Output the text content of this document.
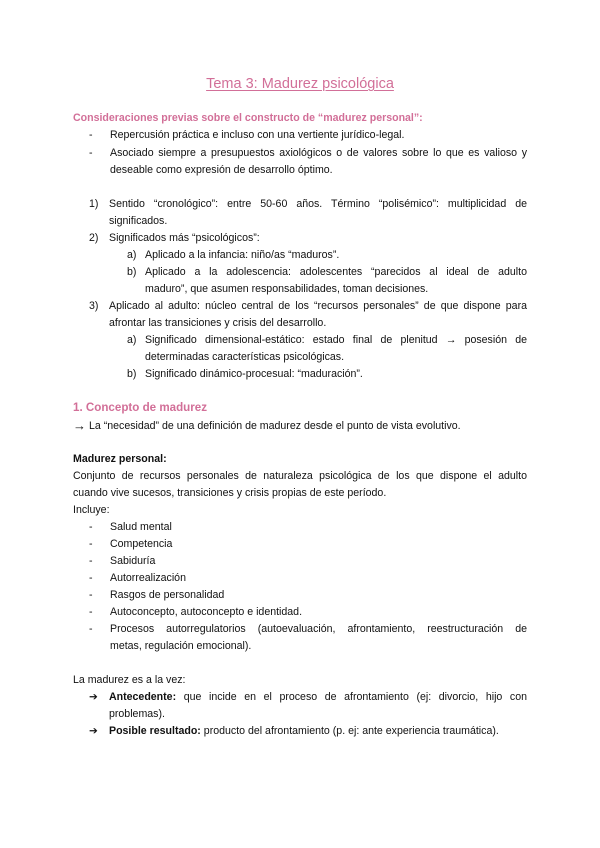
Tema 3: Madurez psicológica
Consideraciones previas sobre el constructo de “madurez personal”:
- Repercusión práctica e incluso con una vertiente jurídico-legal.
- Asociado siempre a presupuestos axiológicos o de valores sobre lo que es valioso y
deseable como expresión de desarrollo óptimo.
1) Sentido “cronológico”: entre 50-60 años. Término “polisémico”: multiplicidad de
significados.
2) Significados más “psicológicos”:
a) Aplicado a la infancia: niño/as “maduros”.
b) Aplicado a la adolescencia: adolescentes “parecidos al ideal de adulto
maduro”, que asumen responsabilidades, toman decisiones.
3) Aplicado al adulto: núcleo central de los “recursos personales” de que dispone para
afrontar las transiciones y crisis del desarrollo.
a) Significado dimensional-estático: estado final de plenitud → posesión de
determinadas características psicológicas.
b) Significado dinámico-procesual: “maduración”.
1. Concepto de madurez
→ La “necesidad” de una definición de madurez desde el punto de vista evolutivo.
Madurez personal:
Conjunto de recursos personales de naturaleza psicológica de los que dispone el adulto
cuando vive sucesos, transiciones y crisis propias de este período.
Incluye:
- Salud mental
- Competencia
- Sabiduría
- Autorrealización
- Rasgos de personalidad
- Autoconcepto, autoconcepto e identidad.
- Procesos autorregulatorios (autoevaluación, afrontamiento, reestructuración de
metas, regulación emocional).
La madurez es a la vez:
➔ Antecedente: que incide en el proceso de afrontamiento (ej: divorcio, hijo con
problemas).
➔ Posible resultado: producto del afrontamiento (p. ej: ante experiencia traumática).
